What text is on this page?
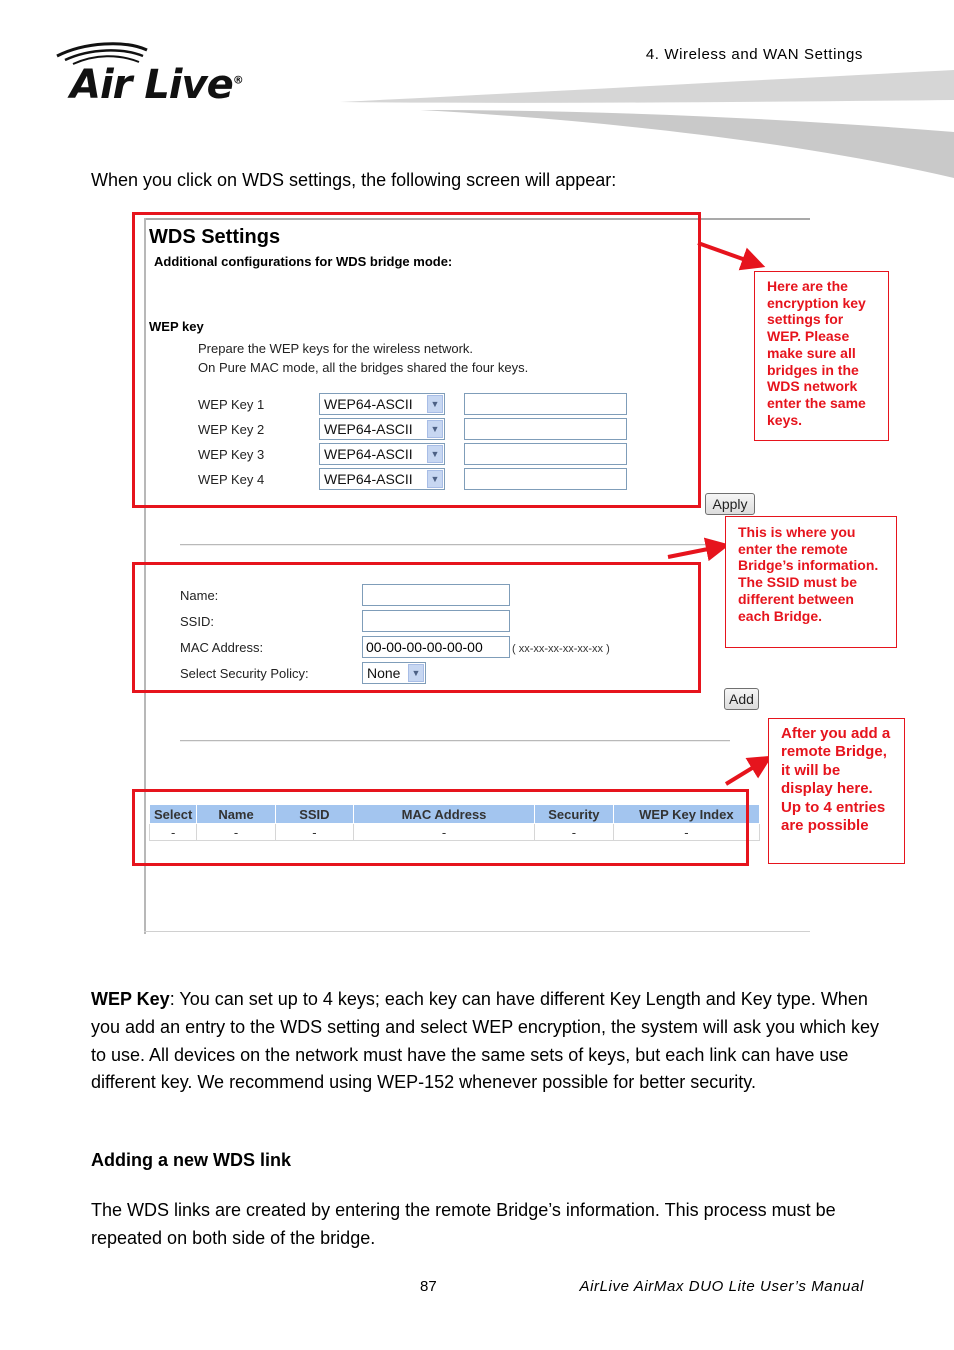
4. Wireless and WAN Settings
Air Live®
When you click on WDS settings, the following screen will appear:
WDS Settings
Additional configurations for WDS bridge mode:
WEP key
Prepare the WEP keys for the wireless network.
On Pure MAC mode, all the bridges shared the four keys.
WEP Key 1	WEP64-ASCII	▼
WEP Key 2	WEP64-ASCII	▼
WEP Key 3	WEP64-ASCII	▼
WEP Key 4	WEP64-ASCII	▼
Apply
Name:
SSID:
MAC Address:	00-00-00-00-00-00	( xx-xx-xx-xx-xx-xx )
Select Security Policy:	None	▼
Add
Select	Name	SSID	MAC Address	Security	WEP Key Index
-	-	-	-	-	-
Here are the encryption key settings for WEP. Please make sure all bridges in the WDS network enter the same keys.
This is where you enter the remote Bridge’s information. The SSID must be different between each Bridge.
After you add a remote Bridge, it will be display here. Up to 4 entries are possible
WEP Key: You can set up to 4 keys; each key can have different Key Length and Key type. When you add an entry to the WDS setting and select WEP encryption, the system will ask you which key to use. All devices on the network must have the same sets of keys, but each link can have use different key. We recommend using WEP-152 whenever possible for better security.
Adding a new WDS link
The WDS links are created by entering the remote Bridge’s information. This process must be repeated on both side of the bridge.
87	AirLive AirMax DUO Lite User’s Manual
